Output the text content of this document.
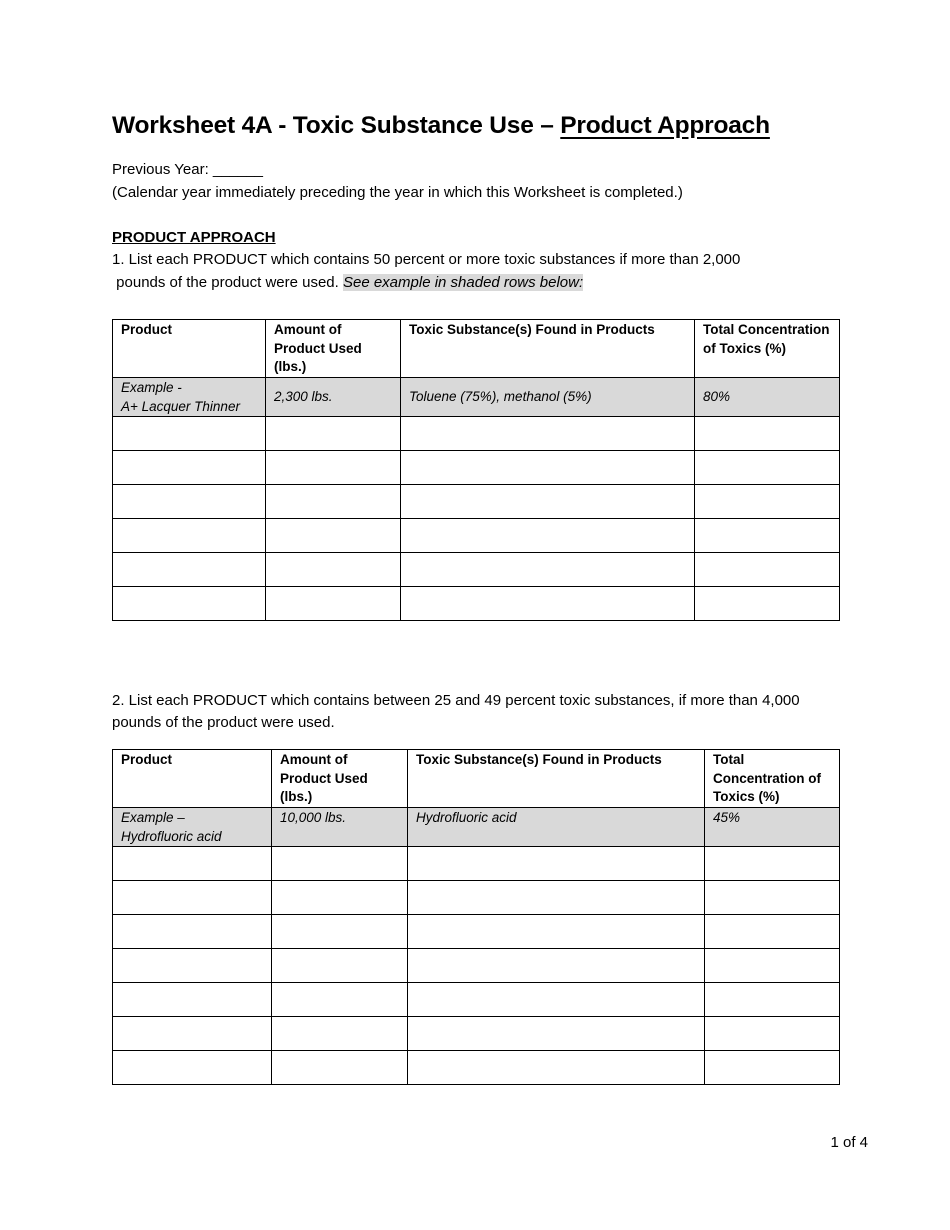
Worksheet 4A - Toxic Substance Use – Product Approach
Previous Year: ______
(Calendar year immediately preceding the year in which this Worksheet is completed.)
PRODUCT APPROACH
1. List each PRODUCT which contains 50 percent or more toxic substances if more than 2,000
pounds of the product were used. See example in shaded rows below:
Product	Amount of Product Used (lbs.)	Toxic Substance(s) Found in Products	Total Concentration of Toxics (%)

Example -
A+ Lacquer Thinner	2,300 lbs.	Toluene (75%), methanol (5%)	80%

2. List each PRODUCT which contains between 25 and 49 percent toxic substances, if more than 4,000
pounds of the product were used.
Product	Amount of Product Used (lbs.)	Toxic Substance(s) Found in Products	Total Concentration of Toxics (%)

Example –
Hydrofluoric acid	10,000 lbs.	Hydrofluoric acid	45%

1 of 4
